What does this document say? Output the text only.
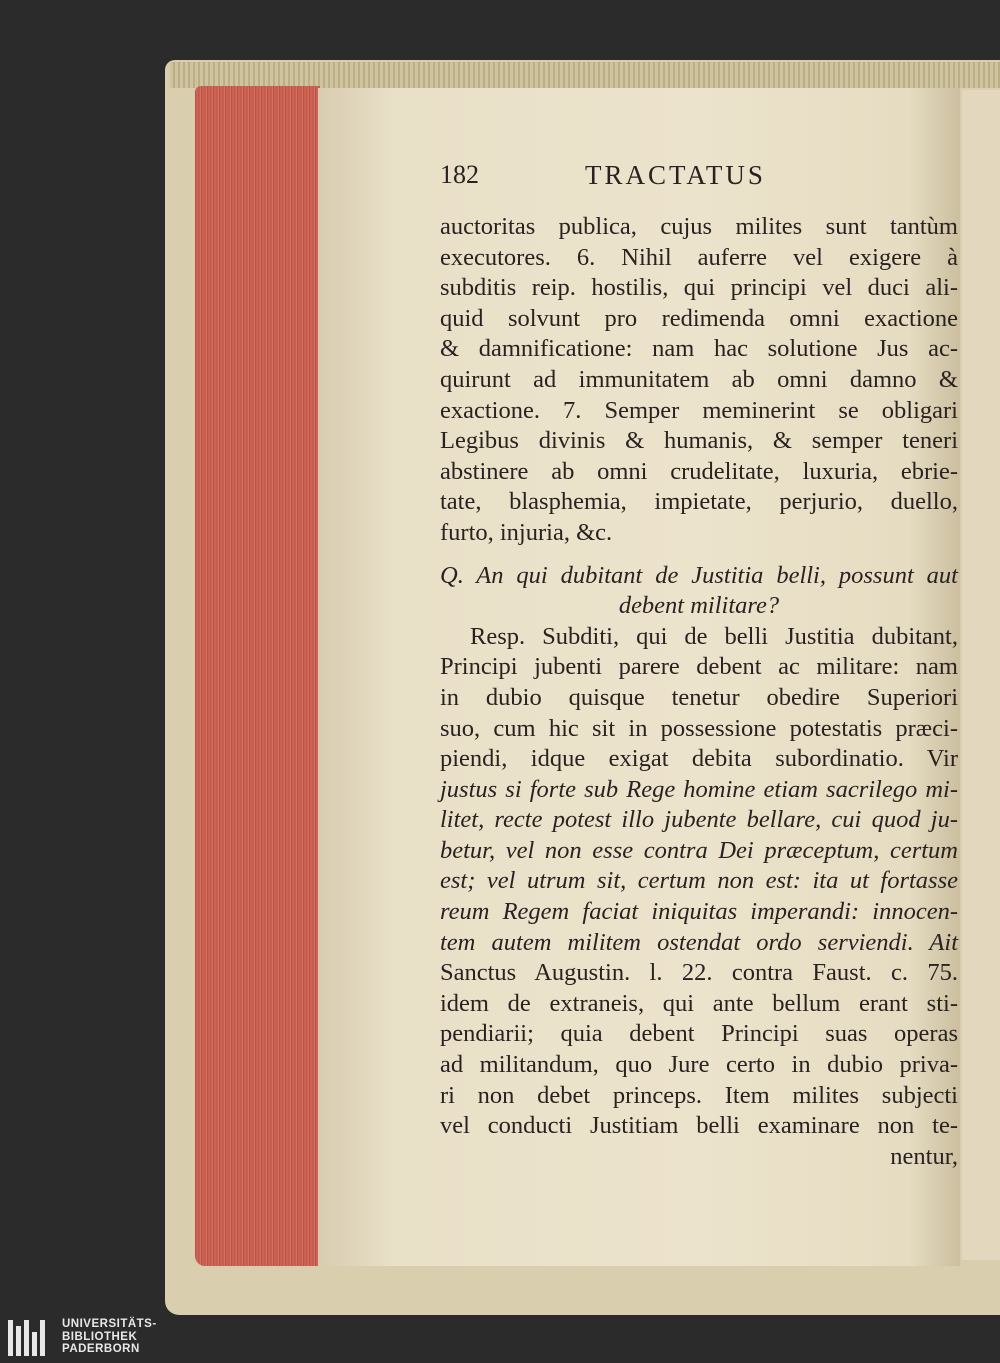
182	TRACTATUS
auctoritas publica, cujus milites sunt tantùm
executores. 6. Nihil auferre vel exigere à
subditis reip. hostilis, qui principi vel duci ali-
quid solvunt pro redimenda omni exactione
& damnificatione: nam hac solutione Jus ac-
quirunt ad immunitatem ab omni damno &
exactione. 7. Semper meminerint se obligari
Legibus divinis & humanis, & semper teneri
abstinere ab omni crudelitate, luxuria, ebrie-
tate, blasphemia, impietate, perjurio, duello,
furto, injuria, &c.
Q. An qui dubitant de Justitia belli, possunt aut
debent militare?
Resp. Subditi, qui de belli Justitia dubitant,
Principi jubenti parere debent ac militare: nam
in dubio quisque tenetur obedire Superiori
suo, cum hic sit in possessione potestatis præci-
piendi, idque exigat debita subordinatio. Vir
justus si forte sub Rege homine etiam sacrilego mi-
litet, recte potest illo jubente bellare, cui quod ju-
betur, vel non esse contra Dei præceptum, certum
est; vel utrum sit, certum non est: ita ut fortasse
reum Regem faciat iniquitas imperandi: innocen-
tem autem militem ostendat ordo serviendi. Ait
Sanctus Augustin. l. 22. contra Faust. c. 75.
idem de extraneis, qui ante bellum erant sti-
pendiarii; quia debent Principi suas operas
ad militandum, quo Jure certo in dubio priva-
ri non debet princeps. Item milites subjecti
vel conducti Justitiam belli examinare non te-
nentur,
UNIVERSITÄTS-
BIBLIOTHEK
PADERBORN
